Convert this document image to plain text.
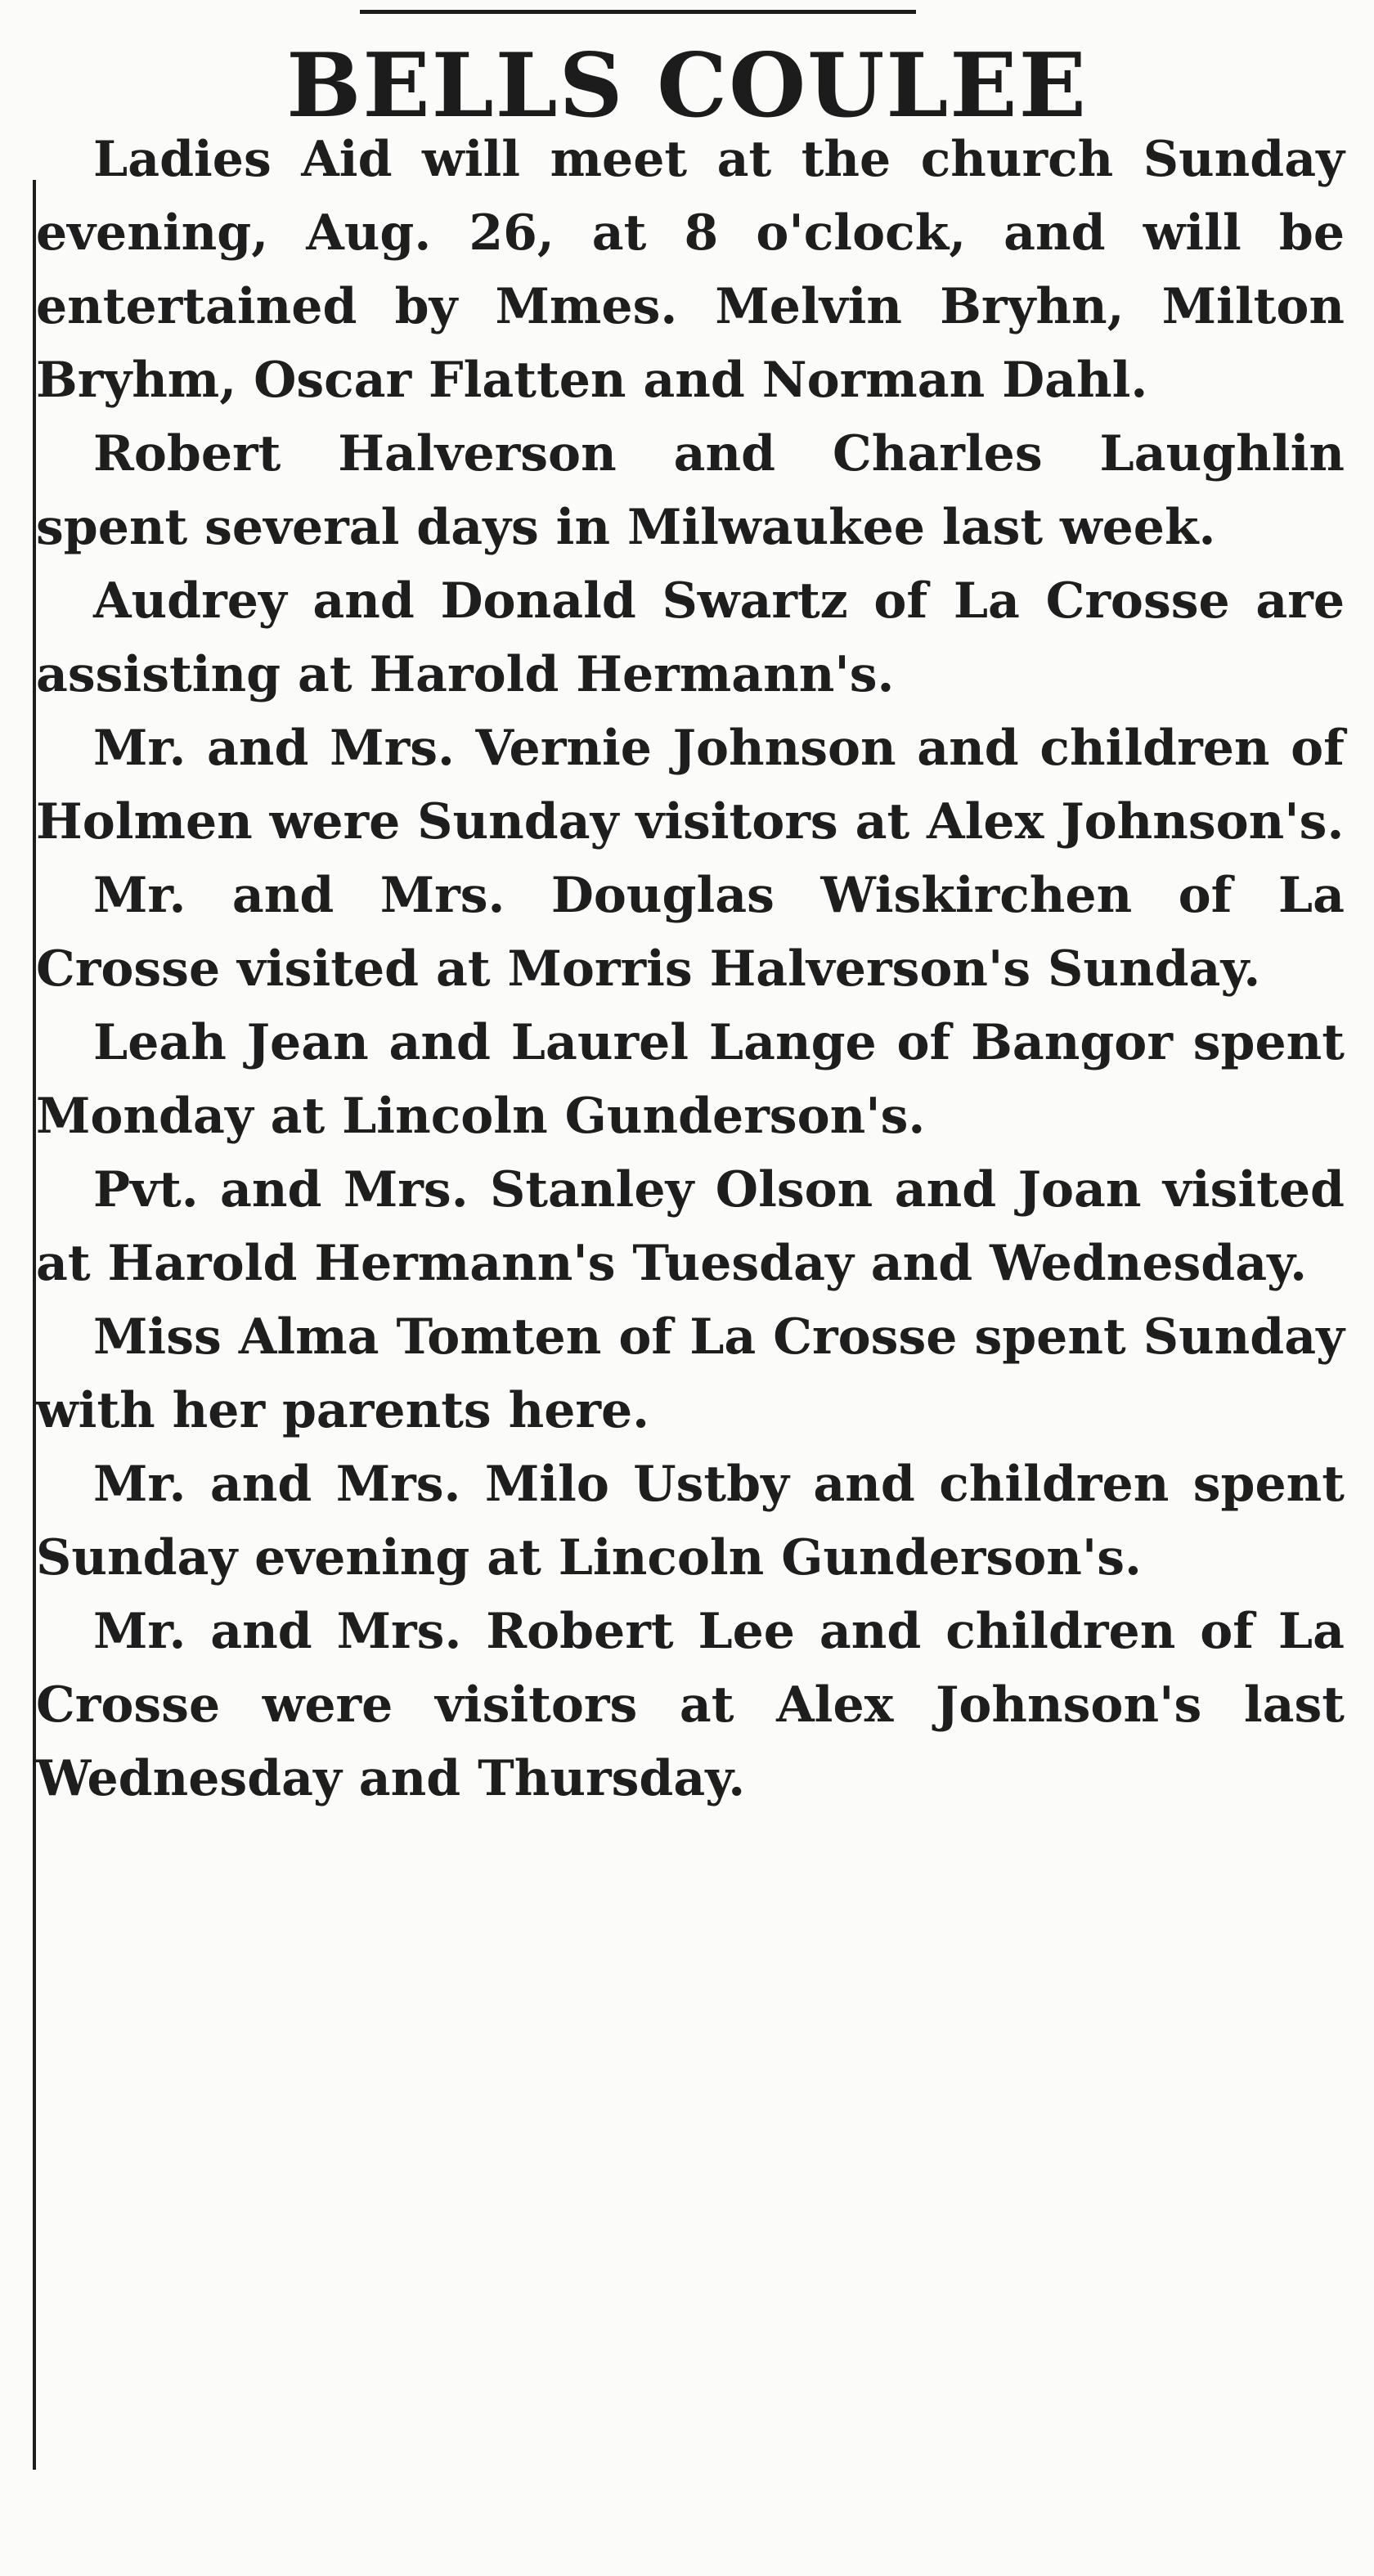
BELLS COULEE

Ladies Aid will meet at the church Sunday evening, Aug. 26, at 8 o'clock, and will be entertained by Mmes. Melvin Bryhn, Milton Bryhm, Oscar Flatten and Norman Dahl.

Robert Halverson and Charles Laughlin spent several days in Milwaukee last week.

Audrey and Donald Swartz of La Crosse are assisting at Harold Hermann's.

Mr. and Mrs. Vernie Johnson and children of Holmen were Sunday visitors at Alex Johnson's.

Mr. and Mrs. Douglas Wiskirchen of La Crosse visited at Morris Halverson's Sunday.

Leah Jean and Laurel Lange of Bangor spent Monday at Lincoln Gunderson's.

Pvt. and Mrs. Stanley Olson and Joan visited at Harold Hermann's Tuesday and Wednesday.

Miss Alma Tomten of La Crosse spent Sunday with her parents here.

Mr. and Mrs. Milo Ustby and children spent Sunday evening at Lincoln Gunderson's.

Mr. and Mrs. Robert Lee and children of La Crosse were visitors at Alex Johnson's last Wednesday and Thursday.
